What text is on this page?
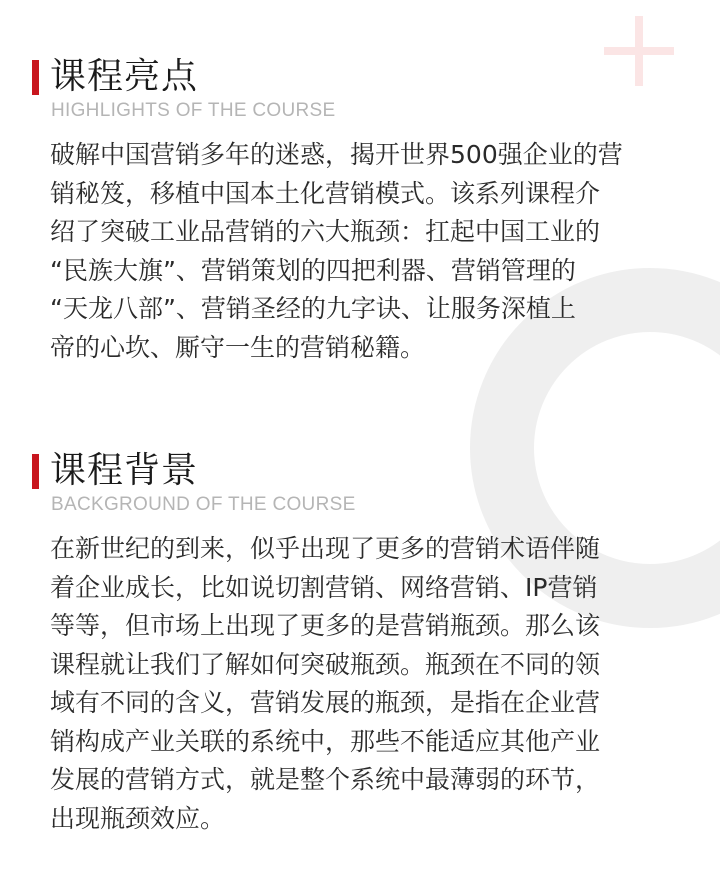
课程亮点
HIGHLIGHTS OF THE COURSE

破解中国营销多年的迷惑，揭开世界500强企业的营
销秘笈，移植中国本土化营销模式。该系列课程介
绍了突破工业品营销的六大瓶颈：扛起中国工业的
“民族大旗”、营销策划的四把利器、营销管理的
“天龙八部”、营销圣经的九字诀、让服务深植上
帝的心坎、厮守一生的营销秘籍。

课程背景
BACKGROUND OF THE COURSE

在新世纪的到来，似乎出现了更多的营销术语伴随
着企业成长，比如说切割营销、网络营销、IP营销
等等，但市场上出现了更多的是营销瓶颈。那么该
课程就让我们了解如何突破瓶颈。瓶颈在不同的领
域有不同的含义，营销发展的瓶颈，是指在企业营
销构成产业关联的系统中，那些不能适应其他产业
发展的营销方式，就是整个系统中最薄弱的环节，
出现瓶颈效应。
